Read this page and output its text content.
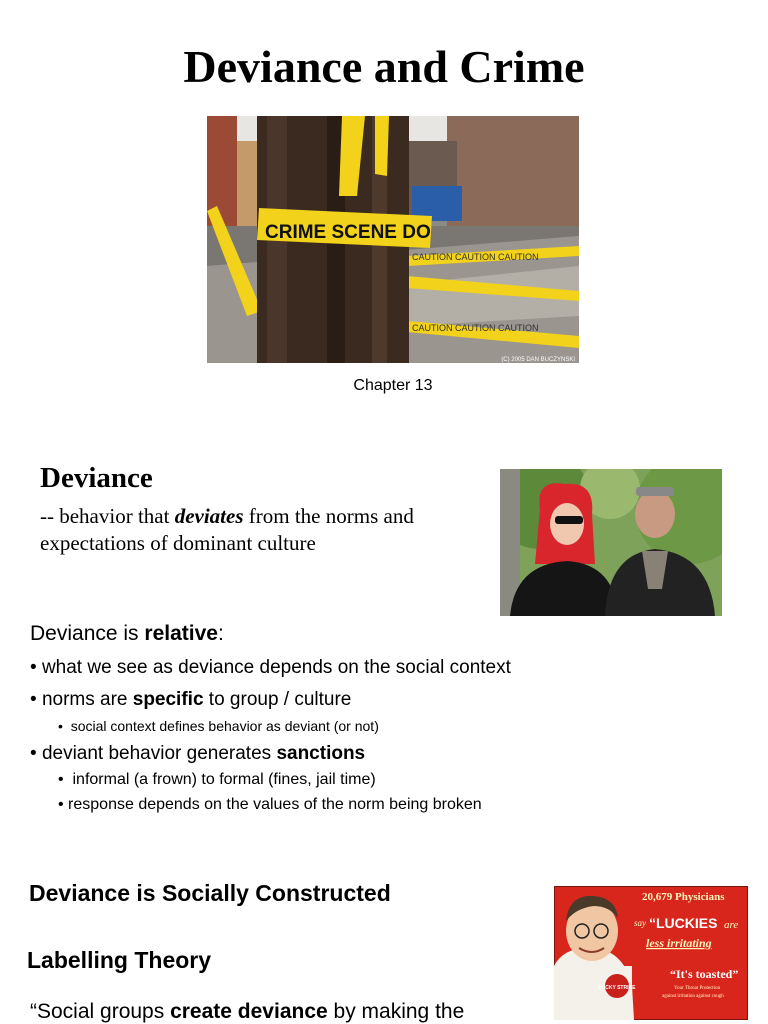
Deviance and Crime
CRIME SCENE DO
CAUTION CAUTION CAUTION
CAUTION CAUTION CAUTION
(C) 2005 DAN BUCZYNSKI
Chapter 13
Deviance
-- behavior that deviates from the norms and expectations of dominant culture
Deviance is relative:
• what we see as deviance depends on the social context
• norms are specific to group / culture
•  social context defines behavior as deviant (or not)
• deviant behavior generates sanctions
•  informal (a frown) to formal (fines, jail time)
• response depends on the values of the norm being broken
Deviance is Socially Constructed
Labelling Theory
“Social groups create deviance by making the
LUCKY STRIKE
20,679 Physicians
say “LUCKIES are
less irritating
“It's toasted”
Your Throat Protection
against irritation against cough
